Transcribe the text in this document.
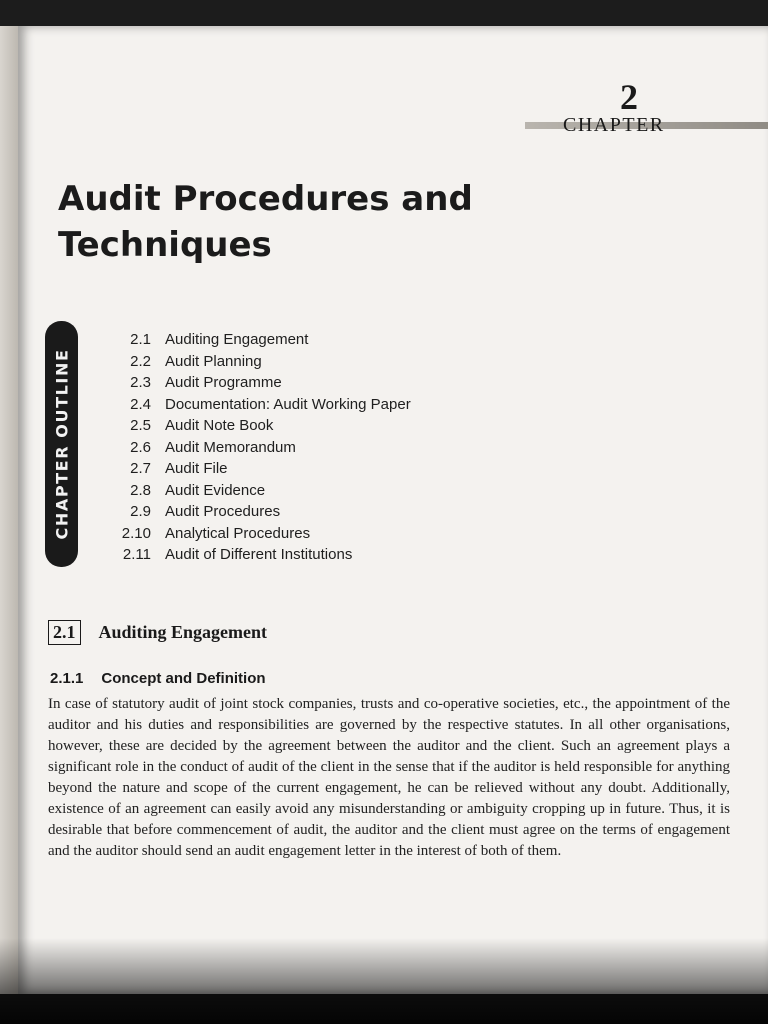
2
CHAPTER
Audit Procedures and Techniques
CHAPTER OUTLINE
2.1 Auditing Engagement
2.2 Audit Planning
2.3 Audit Programme
2.4 Documentation: Audit Working Paper
2.5 Audit Note Book
2.6 Audit Memorandum
2.7 Audit File
2.8 Audit Evidence
2.9 Audit Procedures
2.10 Analytical Procedures
2.11 Audit of Different Institutions
2.1 Auditing Engagement
2.1.1 Concept and Definition
In case of statutory audit of joint stock companies, trusts and co-operative societies, etc., the appointment of the auditor and his duties and responsibilities are governed by the respective statutes. In all other organisations, however, these are decided by the agreement between the auditor and the client. Such an agreement plays a significant role in the conduct of audit of the client in the sense that if the auditor is held responsible for anything beyond the nature and scope of the current engagement, he can be relieved without any doubt. Additionally, existence of an agreement can easily avoid any misunderstanding or ambiguity cropping up in future. Thus, it is desirable that before commencement of audit, the auditor and the client must agree on the terms of engagement and the auditor should send an audit engagement letter in the interest of both of them.
